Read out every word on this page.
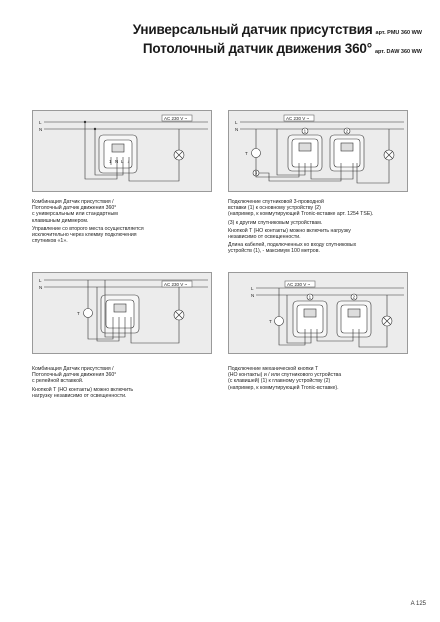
Универсальный датчик присутствия арт. PMU 360 WW
Потолочный датчик движения 360° арт. DAW 360 WW
L
N
AC 230 V ~
1 N L ↓
L
N
AC 230 V ~
T
3
1	2
L
N
AC 230 V ~
T
L
N
AC 230 V ~
T
1	2

Комбинация Датчик присутствия /
Потолочный датчик движения 360°
с универсальным или стандартным
клавишным диммером.

Управление со второго места осуществляется
исключительно через клемму подключения
спутников «1».

Подключение спутниковой 3-проводной
вставки (1) к основному устройству (2)
(например, к коммутирующей Tronic-вставке арт. 1254 TSE).

(3) к другим спутниковым устройствам.

Кнопкой T (НО контакты) можно включить нагрузку
независимо от освещенности.

Длина кабелей, подключенных ко входу спутниковых
устройств (1), - максимум 100 метров.

Комбинация Датчик присутствия /
Потолочный датчик движения 360°
с релейной вставкой.

Кнопкой T (НО контакты) можно включить
нагрузку независимо от освещенности.

Подключение механической кнопки T
(НО контакты) и / или спутникового устройства
(с клавишей) (1) к главному устройству (2)
(например, к коммутирующей Tronic-вставке).

A 125
